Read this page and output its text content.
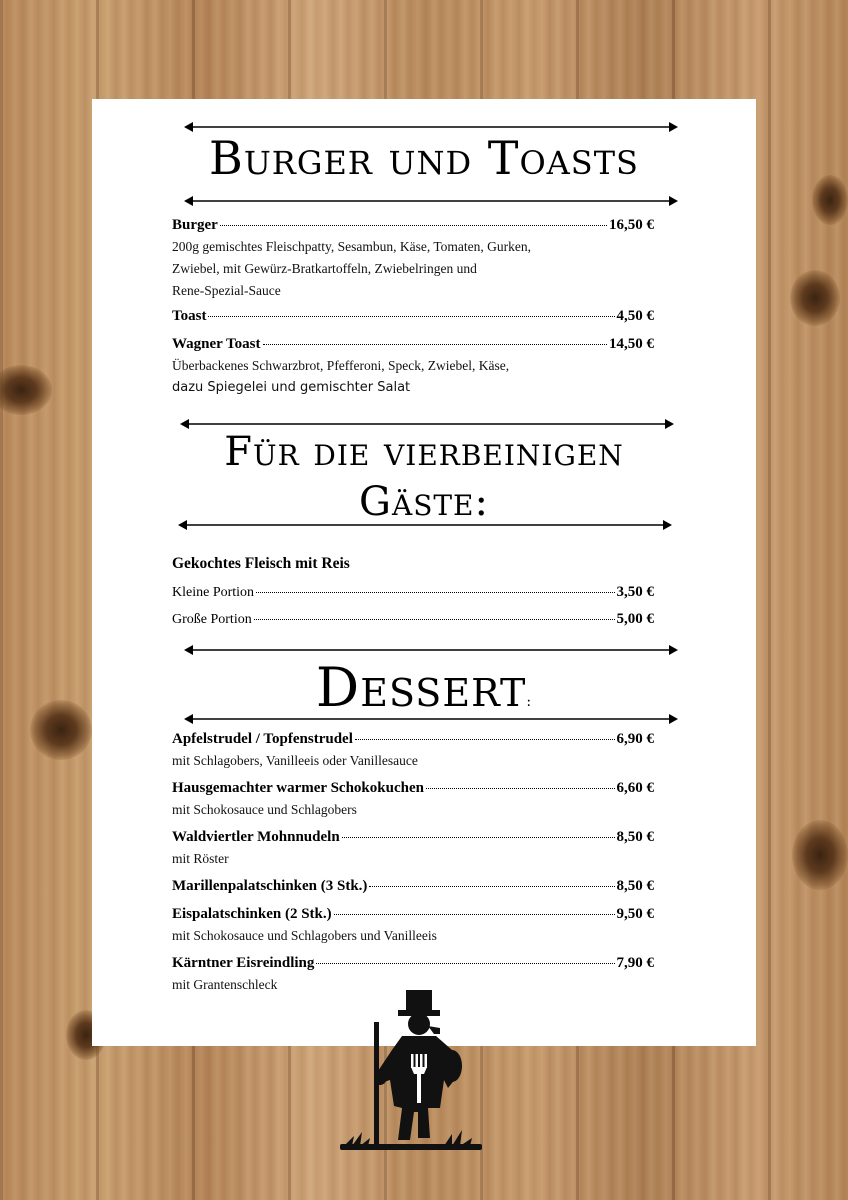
Burger und Toasts
Burger	16,50 €
200g gemischtes Fleischpatty, Sesambun, Käse, Tomaten, Gurken,
Zwiebel, mit Gewürz-Bratkartoffeln, Zwiebelringen und
Rene-Spezial-Sauce
Toast	4,50 €
Wagner Toast	14,50 €
Überbackenes Schwarzbrot, Pfefferoni, Speck, Zwiebel, Käse,
dazu Spiegelei und gemischter Salat
Für die vierbeinigen
Gäste:
Gekochtes Fleisch mit Reis
Kleine Portion	3,50 €
Große Portion	5,00 €
Dessert:
Apfelstrudel / Topfenstrudel	6,90 €
mit Schlagobers, Vanilleeis oder Vanillesauce
Hausgemachter warmer Schokokuchen	6,60 €
mit Schokosauce und Schlagobers
Waldviertler Mohnnudeln	8,50 €
mit Röster
Marillenpalatschinken (3 Stk.)	8,50 €
Eispalatschinken (2 Stk.)	9,50 €
mit Schokosauce und Schlagobers und Vanilleeis
Kärntner Eisreindling	7,90 €
mit Grantenschleck
